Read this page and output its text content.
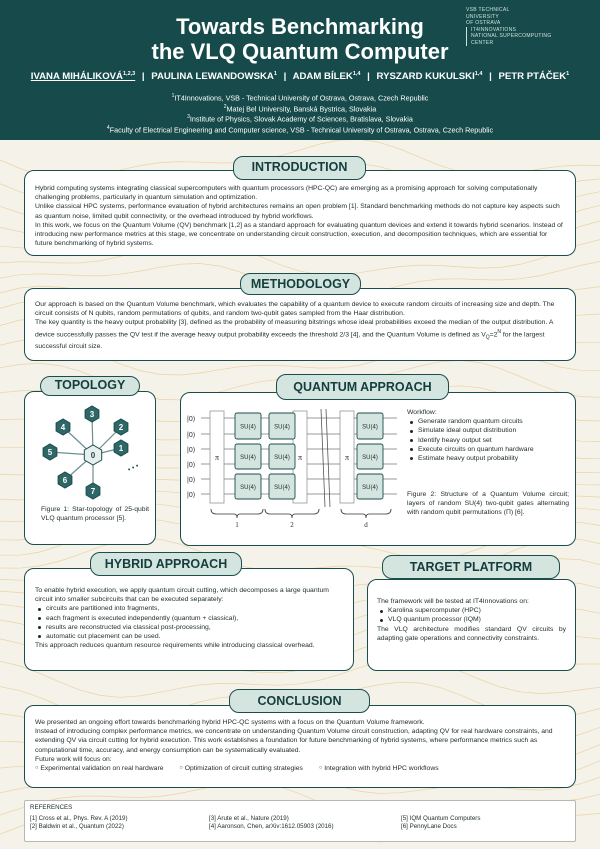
Towards Benchmarking
the VLQ Quantum Computer
VSB TECHNICAL
UNIVERSITY
OF OSTRAVA

IT4INNOVATIONS
NATIONAL SUPERCOMPUTING
CENTER
IVANA MIHÁLIKOVÁ$^{1,2,3}$ | PAULINA LEWANDOWSKA$^1$ | ADAM BÍLEK$^{1,4}$ | RYSZARD KUKULSKI$^{1,4}$ | PETR PTÁČEK$^1$
$^1$IT4Innovations, VSB - Technical University of Ostrava, Ostrava, Czech Republic
$^2$Matej Bel University, Banská Bystrica, Slovakia
$^3$Institute of Physics, Slovak Academy of Sciences, Bratislava, Slovakia
$^4$Faculty of Electrical Engineering and Computer science, VSB - Technical University of Ostrava, Ostrava, Czech Republic
Hybrid computing systems integrating classical supercomputers with quantum processors (HPC-QC) are emerging as a promising approach for solving computationally challenging problems, particularly in quantum simulation and optimization.
Unlike classical HPC systems, performance evaluation of hybrid architectures remains an open problem [1]. Standard benchmarking methods do not capture key aspects such as quantum noise, limited qubit connectivity, or the overhead introduced by hybrid workflows.
In this work, we focus on the Quantum Volume (QV) benchmark [1,2] as a standard approach for evaluating quantum devices and extend it towards hybrid scenarios. Instead of introducing new performance metrics at this stage, we concentrate on understanding circuit construction, execution, and decomposition techniques, which are essential for future benchmarking of hybrid systems.
INTRODUCTION
Our approach is based on the Quantum Volume benchmark, which evaluates the capability of a quantum device to execute random circuits of increasing size and depth. The circuit consists of N qubits, random permutations of qubits, and random two-qubit gates sampled from the Haar distribution.
The key quantity is the heavy output probability [3], defined as the probability of measuring bitstrings whose ideal probabilities exceed the median of the output distribution. A device successfully passes the QV test if the average heavy output probability exceeds the threshold 2/3 [4], and the Quantum Volume is defined as $V_Q=2^N$ for the largest successful circuit size.
METHODOLOGY
0
1
2
3
4
5
6
7
• • •
Figure 1: Star-topology of 25-qubit VLQ quantum processor [5].
TOPOLOGY
|0⟩
|0⟩
|0⟩
|0⟩
|0⟩
|0⟩
π	π	π
SU(4)
SU(4)
SU(4)
SU(4)
SU(4)
SU(4)
SU(4)
SU(4)
SU(4)
1	2	d
Workflow:
Generate random quantum circuits
Simulate ideal output distribution
Identify heavy output set
Execute circuits on quantum hardware
Estimate heavy output probability
Figure 2: Structure of a Quantum Volume circuit; layers of random SU(4) two-qubit gates alternating with random qubit permutations (Π) [6].
QUANTUM APPROACH
To enable hybrid execution, we apply quantum circuit cutting, which decomposes a large quantum circuit into smaller subcircuits that can be executed separately:
circuits are partitioned into fragments,
each fragment is executed independently (quantum + classical),
results are reconstructed via classical post-processing,
automatic cut placement can be used.
This approach reduces quantum resource requirements while introducing classical overhead.
HYBRID APPROACH
The framework will be tested at IT4Innovations on:
Karolina supercomputer (HPC)
VLQ quantum processor (IQM)
The VLQ architecture modifies standard QV circuits by adapting gate operations and connectivity constraints.
TARGET PLATFORM
We presented an ongoing effort towards benchmarking hybrid HPC-QC systems with a focus on the Quantum Volume framework.
Instead of introducing complex performance metrics, we concentrate on understanding Quantum Volume circuit construction, adapting QV for real hardware constraints, and extending QV via circuit cutting for hybrid execution. This work establishes a foundation for future benchmarking of hybrid systems, where performance metrics such as computational time, accuracy, and energy consumption can be systematically evaluated.
Future work will focus on:
○ Experimental validation on real hardware	○ Optimization of circuit cutting strategies	○ Integration with hybrid HPC workflows
CONCLUSION
REFERENCES
[1] Cross et al., Phys. Rev. A (2019)
[2] Baldwin et al., Quantum (2022)
[3] Arute et al., Nature (2019)
[4] Aaronson, Chen, arXiv:1612.05903 (2016)
[5] IQM Quantum Computers
[6] PennyLane Docs
